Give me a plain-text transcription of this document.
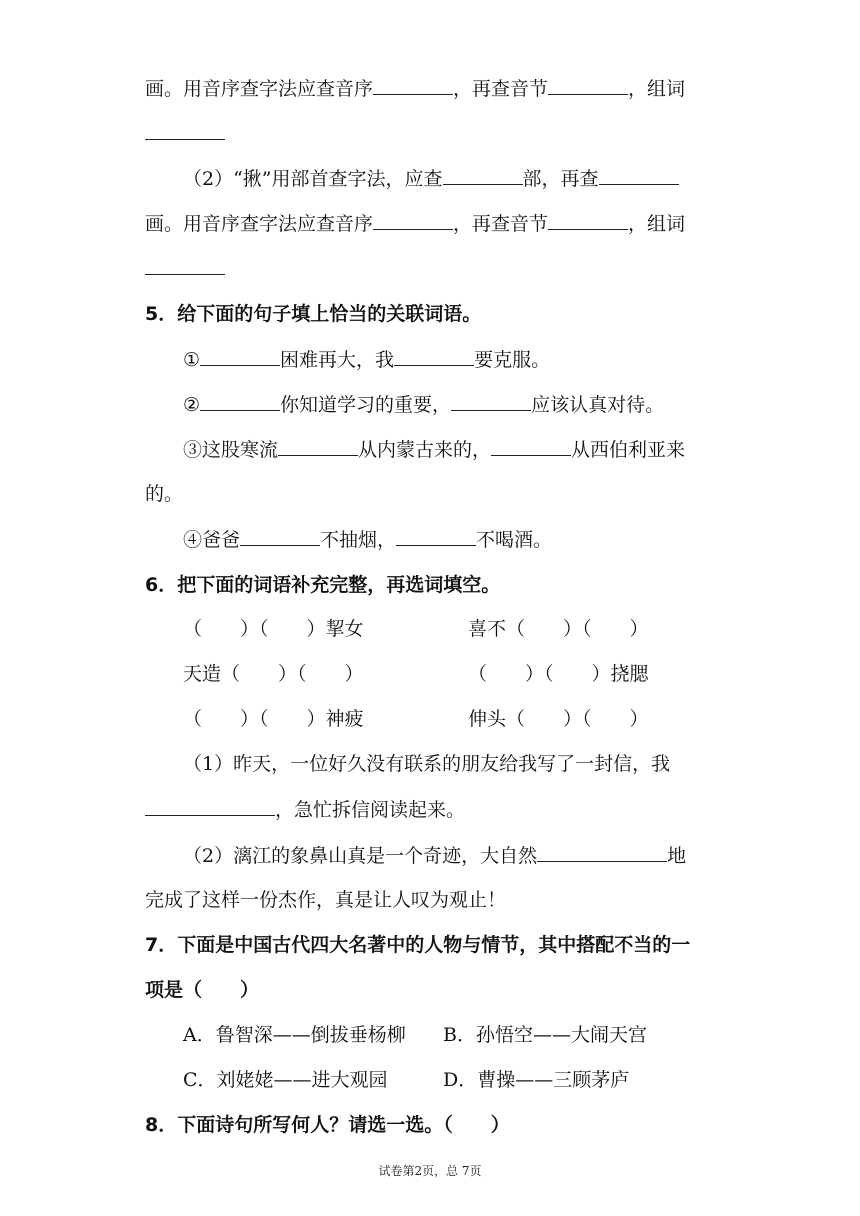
画。用音序查字法应查音序	，再查音节	，组词
（2）“揪”用部首查字法，应查	部，再查
画。用音序查字法应查音序	，再查音节	，组词
5．给下面的句子填上恰当的关联词语。
①	困难再大，我	要克服。
②	你知道学习的重要，	应该认真对待。
③这股寒流	从内蒙古来的，	从西伯利亚来
的。
④爸爸	不抽烟，	不喝酒。
6．把下面的词语补充完整，再选词填空。
（　　）（　　）挈女	喜不（　　）（　　）
天造（　　）（　　）	（　　）（　　）挠腮
（　　）（　　）神疲	伸头（　　）（　　）
（1）昨天，一位好久没有联系的朋友给我写了一封信，我
，急忙拆信阅读起来。
（2）漓江的象鼻山真是一个奇迹，大自然	地
完成了这样一份杰作，真是让人叹为观止！
7．下面是中国古代四大名著中的人物与情节，其中搭配不当的一
项是（　　）
A．鲁智深——倒拔垂杨柳 B．孙悟空——大闹天宫
C．刘姥姥——进大观园	D．曹操——三顾茅庐
8．下面诗句所写何人？请选一选。（　　）
试卷第2页，总 7页
